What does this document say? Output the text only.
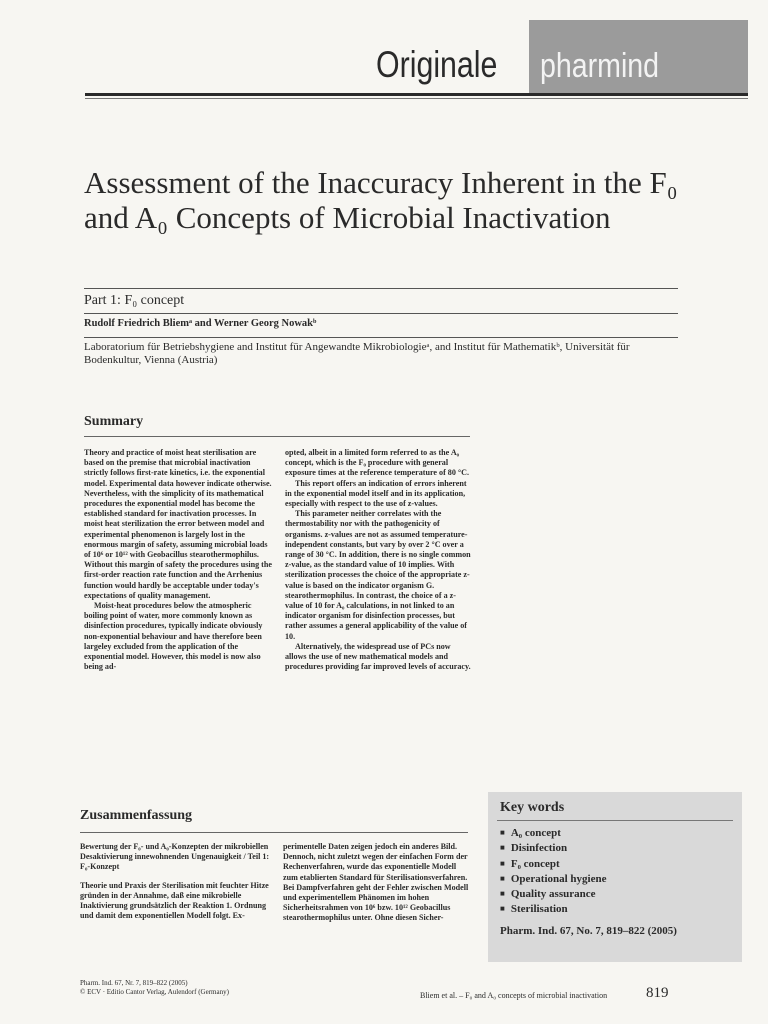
Originale pharmind
Assessment of the Inaccuracy Inherent in the F₀ and A₀ Concepts of Microbial Inactivation
Part 1: F₀ concept
Rudolf Friedrich Bliemᵃ and Werner Georg Nowakᵇ
Laboratorium für Betriebshygiene and Institut für Angewandte Mikrobiologieᵃ, and Institut für Mathematikᵇ, Universität für Bodenkultur, Vienna (Austria)
Summary

Theory and practice of moist heat sterilisation are based on the premise that microbial inactivation strictly follows first-rate kinetics, i.e. the exponential model. Experimental data however indicate otherwise. Nevertheless, with the simplicity of its mathematical procedures the exponential model has become the established standard for inactivation processes. In moist heat sterilization the error between model and experimental phenomenon is largely lost in the enormous margin of safety, assuming microbial loads of 10⁶ or 10¹² with Geobacillus stearothermophilus. Without this margin of safety the procedures using the first-order reaction rate function and the Arrhenius function would hardly be acceptable under today's expectations of quality management.

Moist-heat procedures below the atmospheric boiling point of water, more commonly known as disinfection procedures, typically indicate obviously non-exponential behaviour and have therefore been largeley excluded from the application of the exponential model. However, this model is now also being ad-

opted, albeit in a limited form referred to as the A₀ concept, which is the F₀ procedure with general exposure times at the reference temperature of 80 °C.

This report offers an indication of errors inherent in the exponential model itself and in its application, especially with respect to the use of z-values.

This parameter neither correlates with the thermostability nor with the pathogenicity of organisms. z-values are not as assumed temperature-independent constants, but vary by over 2 °C over a range of 30 °C. In addition, there is no single common z-value, as the standard value of 10 implies. With sterilization processes the choice of the appropriate z-value is based on the indicator organism G. stearothermophilus. In contrast, the choice of a z-value of 10 for A₀ calculations, in not linked to an indicator organism for disinfection processes, but rather assumes a general applicability of the value of 10.

Alternatively, the widespread use of PCs now allows the use of new mathematical models and procedures providing far improved levels of accuracy.

Zusammenfassung

Bewertung der F₀- und A₀-Konzepten der mikrobiellen Desaktivierung innewohnenden Ungenauigkeit / Teil 1: F₀-Konzept

Theorie und Praxis der Sterilisation mit feuchter Hitze gründen in der Annahme, daß eine mikrobielle Inaktivierung grundsätzlich der Reaktion 1. Ordnung und damit dem exponentiellen Modell folgt. Ex-

perimentelle Daten zeigen jedoch ein anderes Bild. Dennoch, nicht zuletzt wegen der einfachen Form der Rechenverfahren, wurde das exponentielle Modell zum etablierten Standard für Sterilisationsverfahren. Bei Dampfverfahren geht der Fehler zwischen Modell und experimentellem Phänomen im hohen Sicherheitsrahmen von 10⁶ bzw. 10¹² Geobacillus stearothermophilus unter. Ohne diesen Sicher-

Key words
■ A₀ concept
■ Disinfection
■ F₀ concept
■ Operational hygiene
■ Quality assurance
■ Sterilisation
Pharm. Ind. 67, No. 7, 819–822 (2005)
Pharm. Ind. 67, Nr. 7, 819–822 (2005)
© ECV · Editio Cantor Verlag, Aulendorf (Germany)	Bliem et al. – F₀ and A₀ concepts of microbial inactivation	819
